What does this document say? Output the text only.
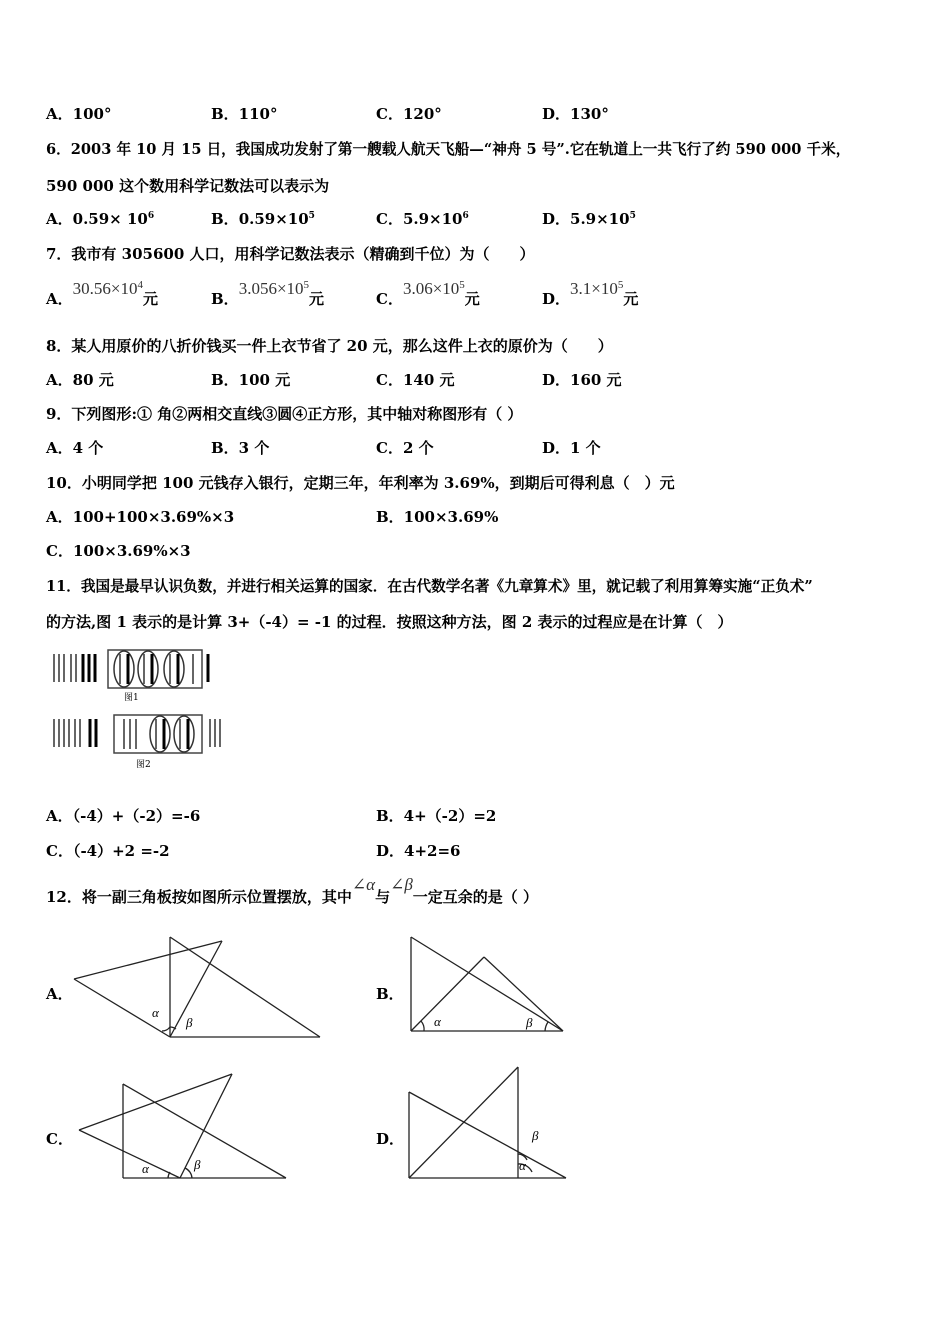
A．100°	B．110°	C．120°	D．130°
6．2003 年 10 月 15 日，我国成功发射了第一艘载人航天飞船—“神舟 5 号”.它在轨道上一共飞行了约 590 000 千米，
590 000 这个数用科学记数法可以表示为
A．$0.59\times 10^6$	B．$0.59\times 10^5$	C．$5.9\times 10^6$	D．$5.9\times 10^5$
7．我市有 305600 人口，用科学记数法表示（精确到千位）为（　　）
A．$30.56\times 10^4$元	B．$3.056\times 10^5$元	C．$3.06\times 10^5$元	D．$3.1\times 10^5$元
8．某人用原价的八折价钱买一件上衣节省了 20 元，那么这件上衣的原价为（　　）
A．80 元	B．100 元	C．140 元	D．160 元
9．下列图形:① 角②两相交直线③圆④正方形，其中轴对称图形有（ ）
A．4 个	B．3 个	C．2 个	D．1 个
10．小明同学把 100 元钱存入银行，定期三年，年利率为 3.69%，到期后可得利息（　）元
A．100+100×3.69%×3	B．100×3.69%
C．100×3.69%×3
11．我国是最早认识负数，并进行相关运算的国家．在古代数学名著《九章算术》里，就记载了利用算筹实施“正负术”
的方法,图 1 表示的是计算 3+（-4）= -1 的过程．按照这种方法，图 2 表示的过程应是在计算（　）
图1
图2
A．（-4）+（-2）=-6	B．4+（-2）=2
C．（-4）+2 =-2	D．4+2=6
12．将一副三角板按如图所示位置摆放，其中∠α与∠β一定互余的是（ ）
A．	B．
C．	D．
α
β	α	β
α	β
β
α
